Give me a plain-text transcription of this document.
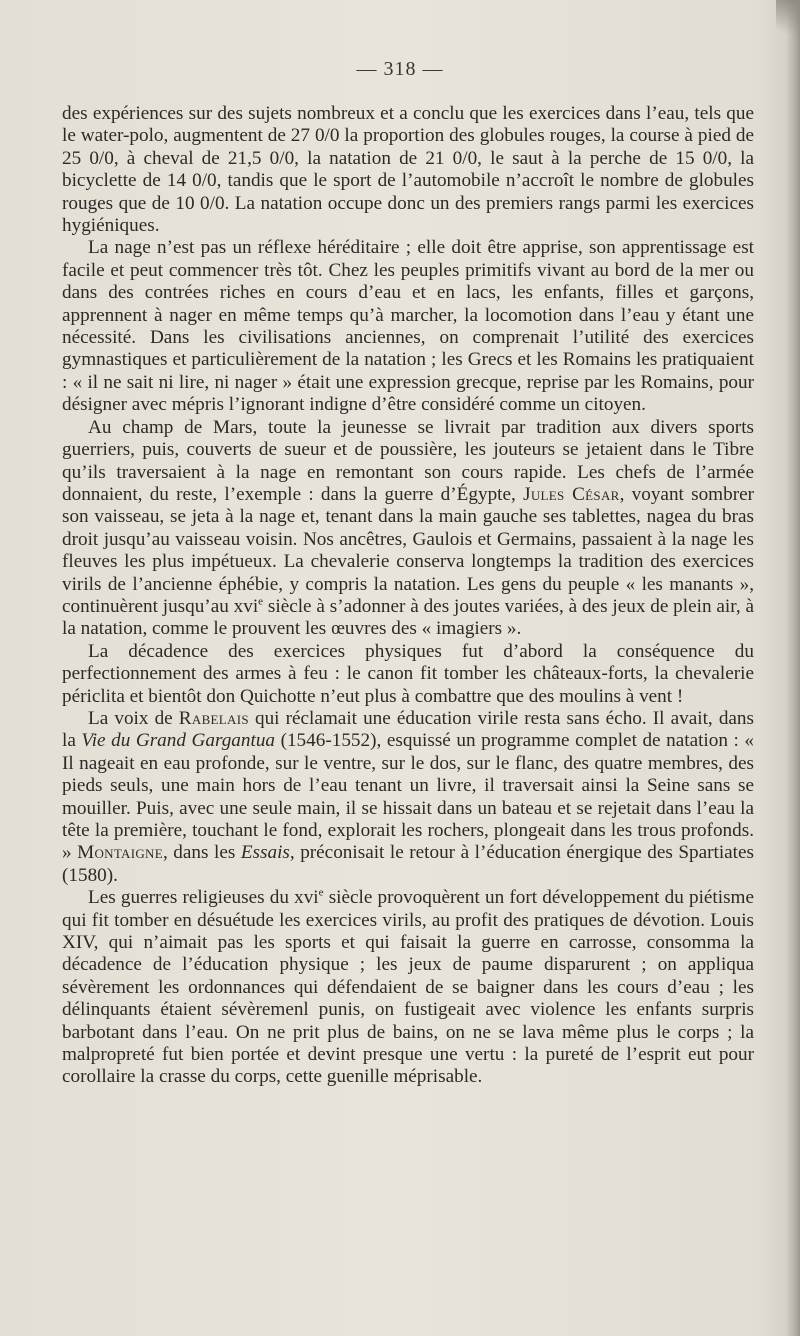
— 318 —

des expériences sur des sujets nombreux et a conclu que les exercices dans l’eau, tels que le water-polo, augmentent de 27 0/0 la proportion des globules rouges, la course à pied de 25 0/0, à cheval de 21,5 0/0, la natation de 21 0/0, le saut à la perche de 15 0/0, la bicyclette de 14 0/0, tandis que le sport de l’automobile n’accroît le nombre de globules rouges que de 10 0/0. La natation occupe donc un des premiers rangs parmi les exercices hygiéniques.

La nage n’est pas un réflexe héréditaire ; elle doit être apprise, son apprentissage est facile et peut commencer très tôt. Chez les peuples primitifs vivant au bord de la mer ou dans des contrées riches en cours d’eau et en lacs, les enfants, filles et garçons, apprennent à nager en même temps qu’à marcher, la locomotion dans l’eau y étant une nécessité. Dans les civilisations anciennes, on comprenait l’utilité des exercices gymnastiques et particulièrement de la natation ; les Grecs et les Romains les pratiquaient : « il ne sait ni lire, ni nager » était une expression grecque, reprise par les Romains, pour désigner avec mépris l’ignorant indigne d’être considéré comme un citoyen.

Au champ de Mars, toute la jeunesse se livrait par tradition aux divers sports guerriers, puis, couverts de sueur et de poussière, les jouteurs se jetaient dans le Tibre qu’ils traversaient à la nage en remontant son cours rapide. Les chefs de l’armée donnaient, du reste, l’exemple : dans la guerre d’Égypte, Jules César, voyant sombrer son vaisseau, se jeta à la nage et, tenant dans la main gauche ses tablettes, nagea du bras droit jusqu’au vaisseau voisin. Nos ancêtres, Gaulois et Germains, passaient à la nage les fleuves les plus impétueux. La chevalerie conserva longtemps la tradition des exercices virils de l’ancienne éphébie, y compris la natation. Les gens du peuple « les manants », continuèrent jusqu’au xvi$^e$ siècle à s’adonner à des joutes variées, à des jeux de plein air, à la natation, comme le prouvent les œuvres des « imagiers ».

La décadence des exercices physiques fut d’abord la conséquence du perfectionnement des armes à feu : le canon fit tomber les châteaux-forts, la chevalerie périclita et bientôt don Quichotte n’eut plus à combattre que des moulins à vent !

La voix de Rabelais qui réclamait une éducation virile resta sans écho. Il avait, dans la Vie du Grand Gargantua (1546-1552), esquissé un programme complet de natation : « Il nageait en eau profonde, sur le ventre, sur le dos, sur le flanc, des quatre membres, des pieds seuls, une main hors de l’eau tenant un livre, il traversait ainsi la Seine sans se mouiller. Puis, avec une seule main, il se hissait dans un bateau et se rejetait dans l’eau la tête la première, touchant le fond, explorait les rochers, plongeait dans les trous profonds. » Montaigne, dans les Essais, préconisait le retour à l’éducation énergique des Spartiates (1580).

Les guerres religieuses du xvi$^e$ siècle provoquèrent un fort développement du piétisme qui fit tomber en désuétude les exercices virils, au profit des pratiques de dévotion. Louis XIV, qui n’aimait pas les sports et qui faisait la guerre en carrosse, consomma la décadence de l’éducation physique ; les jeux de paume disparurent ; on appliqua sévèrement les ordonnances qui défendaient de se baigner dans les cours d’eau ; les délinquants étaient sévèremenl punis, on fustigeait avec violence les enfants surpris barbotant dans l’eau. On ne prit plus de bains, on ne se lava même plus le corps ; la malpropreté fut bien portée et devint presque une vertu : la pureté de l’esprit eut pour corollaire la crasse du corps, cette guenille méprisable.
